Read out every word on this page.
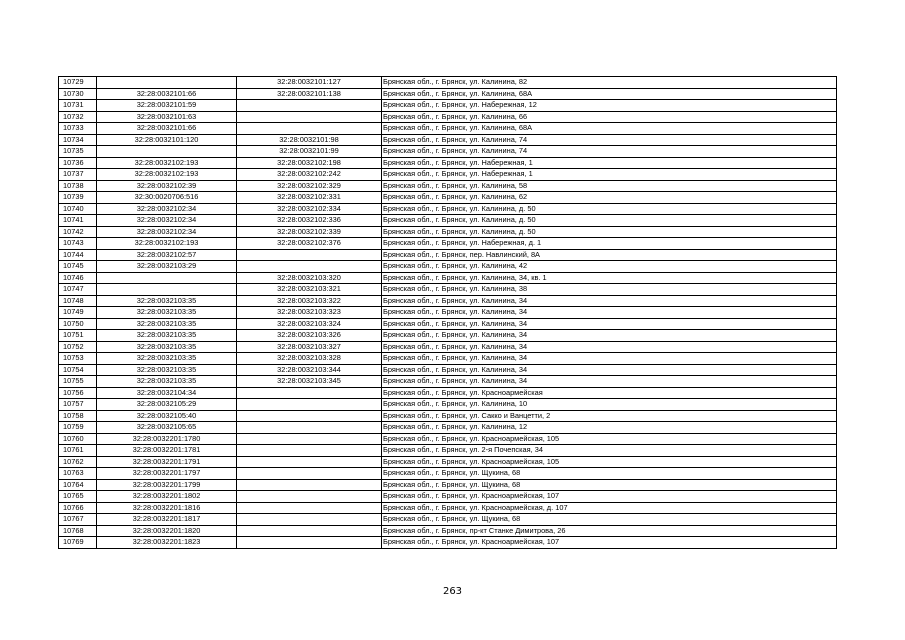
10729		32:28:0032101:127	Брянская обл., г. Брянск, ул. Калинина, 82
10730	32:28:0032101:66	32:28:0032101:138	Брянская обл., г. Брянск, ул. Калинина, 68А
10731	32:28:0032101:59		Брянская обл., г. Брянск, ул. Набережная, 12
10732	32:28:0032101:63		Брянская обл., г. Брянск, ул. Калинина, 66
10733	32:28:0032101:66		Брянская обл., г. Брянск, ул. Калинина, 68А
10734	32:28:0032101:120	32:28:0032101:98	Брянская обл., г. Брянск, ул. Калинина, 74
10735		32:28:0032101:99	Брянская обл., г. Брянск, ул. Калинина, 74
10736	32:28:0032102:193	32:28:0032102:198	Брянская обл., г. Брянск, ул. Набережная, 1
10737	32:28:0032102:193	32:28:0032102:242	Брянская обл., г. Брянск, ул. Набережная, 1
10738	32:28:0032102:39	32:28:0032102:329	Брянская обл., г. Брянск, ул. Калинина, 58
10739	32:30:0020706:516	32:28:0032102:331	Брянская обл., г. Брянск, ул. Калинина, 62
10740	32:28:0032102:34	32:28:0032102:334	Брянская обл., г. Брянск, ул. Калинина, д. 50
10741	32:28:0032102:34	32:28:0032102:336	Брянская обл., г. Брянск, ул. Калинина, д. 50
10742	32:28:0032102:34	32:28:0032102:339	Брянская обл., г. Брянск, ул. Калинина, д. 50
10743	32:28:0032102:193	32:28:0032102:376	Брянская обл., г. Брянск, ул. Набережная, д. 1
10744	32:28:0032102:57		Брянская обл., г. Брянск, пер. Навлинский, 8А
10745	32:28:0032103:29		Брянская обл., г. Брянск, ул. Калинина, 42
10746		32:28:0032103:320	Брянская обл., г. Брянск, ул. Калинина, 34, кв. 1
10747		32:28:0032103:321	Брянская обл., г. Брянск, ул. Калинина, 38
10748	32:28:0032103:35	32:28:0032103:322	Брянская обл., г. Брянск, ул. Калинина, 34
10749	32:28:0032103:35	32:28:0032103:323	Брянская обл., г. Брянск, ул. Калинина, 34
10750	32:28:0032103:35	32:28:0032103:324	Брянская обл., г. Брянск, ул. Калинина, 34
10751	32:28:0032103:35	32:28:0032103:326	Брянская обл., г. Брянск, ул. Калинина, 34
10752	32:28:0032103:35	32:28:0032103:327	Брянская обл., г. Брянск, ул. Калинина, 34
10753	32:28:0032103:35	32:28:0032103:328	Брянская обл., г. Брянск, ул. Калинина, 34
10754	32:28:0032103:35	32:28:0032103:344	Брянская обл., г. Брянск, ул. Калинина, 34
10755	32:28:0032103:35	32:28:0032103:345	Брянская обл., г. Брянск, ул. Калинина, 34
10756	32:28:0032104:34		Брянская обл., г. Брянск, ул. Красноармейская
10757	32:28:0032105:29		Брянская обл., г. Брянск, ул. Калинина, 10
10758	32:28:0032105:40		Брянская обл., г. Брянск, ул. Сакко и Ванцетти, 2
10759	32:28:0032105:65		Брянская обл., г. Брянск, ул. Калинина, 12
10760	32:28:0032201:1780		Брянская обл., г. Брянск, ул. Красноармейская, 105
10761	32:28:0032201:1781		Брянская обл., г. Брянск, ул. 2-я Почепская, 34
10762	32:28:0032201:1791		Брянская обл., г. Брянск, ул. Красноармейская, 105
10763	32:28:0032201:1797		Брянская обл., г. Брянск, ул. Щукина, 68
10764	32:28:0032201:1799		Брянская обл., г. Брянск, ул. Щукина, 68
10765	32:28:0032201:1802		Брянская обл., г. Брянск, ул. Красноармейская, 107
10766	32:28:0032201:1816		Брянская обл., г. Брянск, ул. Красноармейская, д. 107
10767	32:28:0032201:1817		Брянская обл., г. Брянск, ул. Щукина, 68
10768	32:28:0032201:1820		Брянская обл., г. Брянск, пр-кт Станке Димитрова, 26
10769	32:28:0032201:1823		Брянская обл., г. Брянск, ул. Красноармейская, 107
263
